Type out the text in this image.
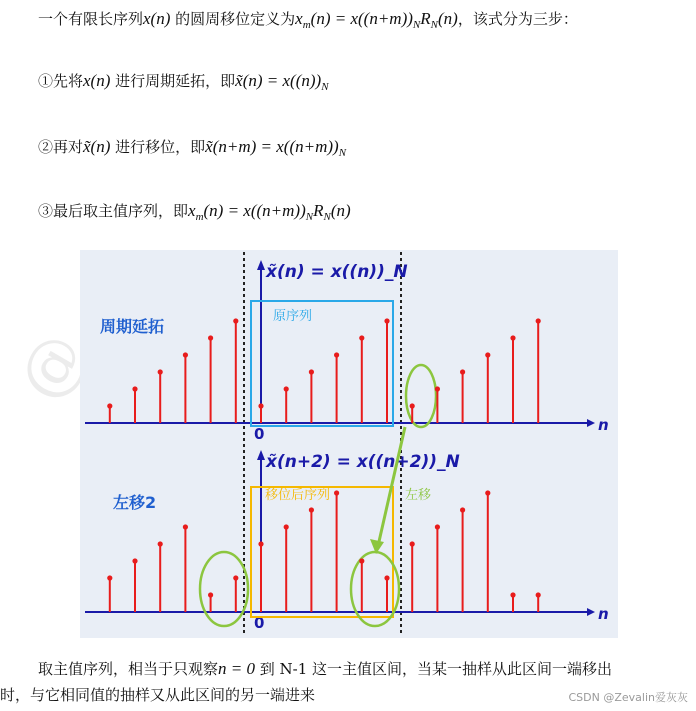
@
一个有限长序列x(n) 的圆周移位定义为$x_m(n) = x((n+m))_NR_N(n)$，该式分为三步：
①先将x(n) 进行周期延拓，即x̃(n) = $x((n))_N$
②再对x̃(n) 进行移位，即x̃(n+m) = $x((n+m))_N$
③最后取主值序列，即$x_m(n) = x((n+m))_NR_N(n)$
n
0
n
0
x̃(n) = x((n))_N
x̃(n+2) = x((n+2))_N
原序列
移位后序列
周期延拓
左移2	左移
取主值序列，相当于只观察n = 0 到 N-1 这一主值区间，当某一抽样从此区间一端移出
时，与它相同值的抽样又从此区间的另一端进来	CSDN @Zevalin爱灰灰
